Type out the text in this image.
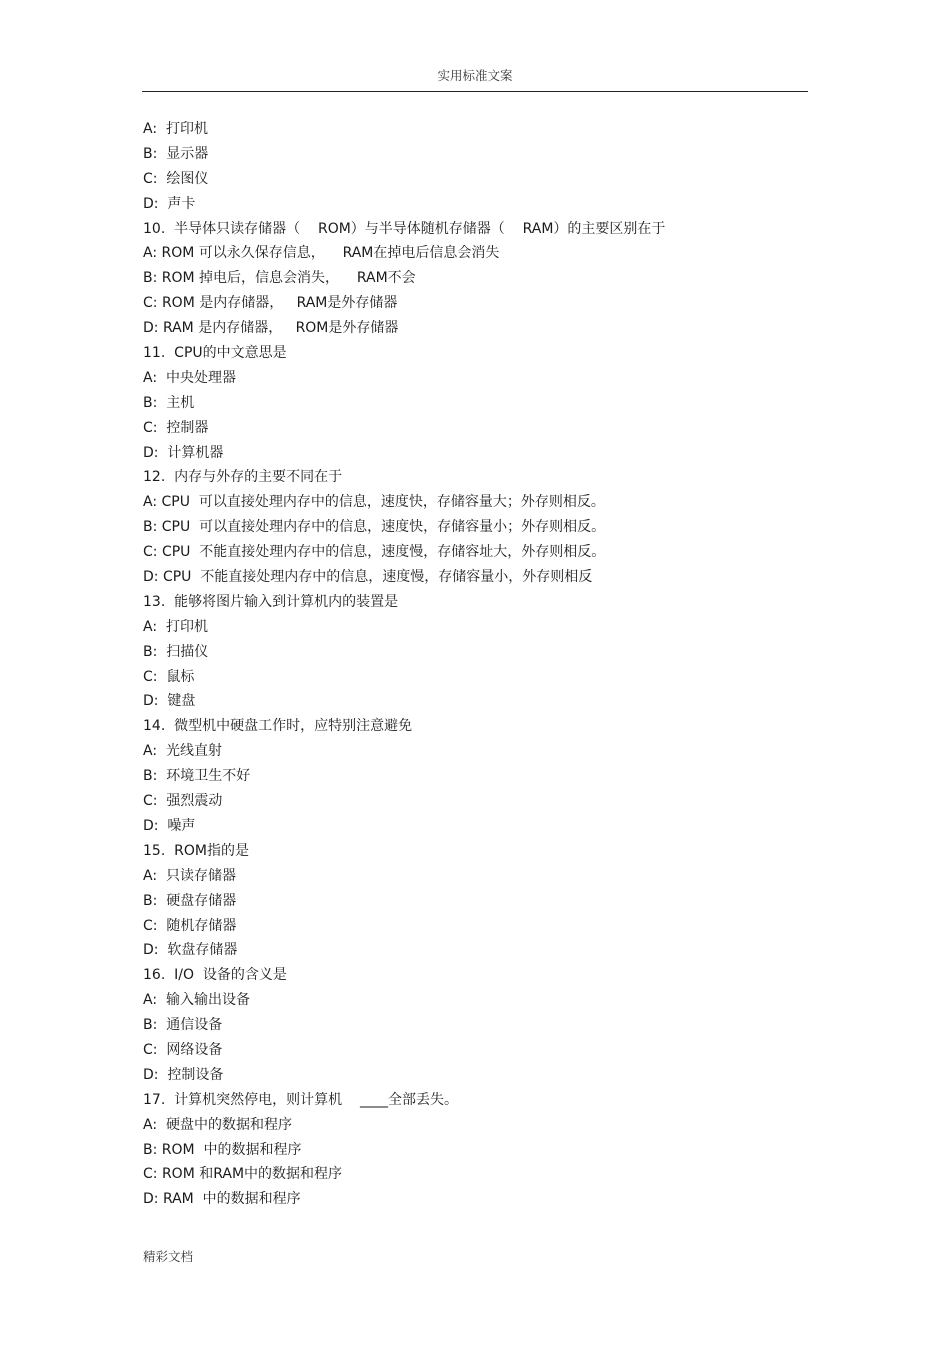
实用标准文案
A:  打印机
B:  显示器
C:  绘图仪
D:  声卡
10.  半导体只读存储器（    ROM）与半导体随机存储器（    RAM）的主要区别在于
A: ROM 可以永久保存信息，    RAM在掉电后信息会消失
B: ROM 掉电后，信息会消失，    RAM不会
C: ROM 是内存储器，   RAM是外存储器
D: RAM 是内存储器，   ROM是外存储器
11.  CPU的中文意思是
A:  中央处理器
B:  主机
C:  控制器
D:  计算机器
12.  内存与外存的主要不同在于
A: CPU  可以直接处理内存中的信息，速度快，存储容量大；外存则相反。
B: CPU  可以直接处理内存中的信息，速度快，存储容量小；外存则相反。
C: CPU  不能直接处理内存中的信息，速度慢，存储容址大，外存则相反。
D: CPU  不能直接处理内存中的信息，速度慢，存储容量小，外存则相反
13.  能够将图片输入到计算机内的装置是
A:  打印机
B:  扫描仪
C:  鼠标
D:  键盘
14.  微型机中硬盘工作时，应特别注意避免
A:  光线直射
B:  环境卫生不好
C:  强烈震动
D:  噪声
15.  ROM指的是
A:  只读存储器
B:  硬盘存储器
C:  随机存储器
D:  软盘存储器
16.  I/O  设备的含义是
A:  输入输出设备
B:  通信设备
C:  网络设备
D:  控制设备
17.  计算机突然停电，则计算机    ____全部丢失。
A:  硬盘中的数据和程序
B: ROM  中的数据和程序
C: ROM 和RAM中的数据和程序
D: RAM  中的数据和程序
精彩文档
